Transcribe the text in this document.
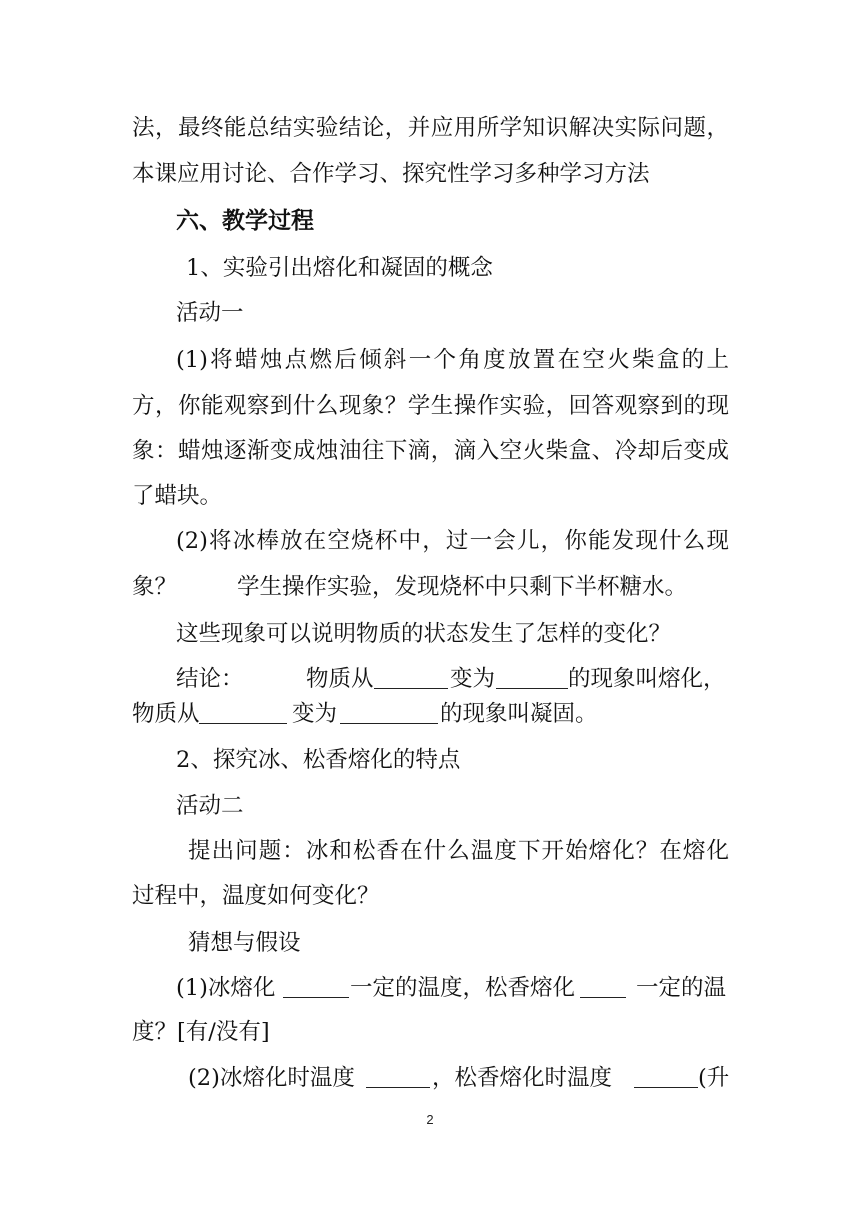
法，最终能总结实验结论，并应用所学知识解决实际问题，
本课应用讨论、合作学习、探究性学习多种学习方法
六、教学过程
1、实验引出熔化和凝固的概念
活动一
(1)将蜡烛点燃后倾斜一个角度放置在空火柴盒的上
方，你能观察到什么现象？学生操作实验，回答观察到的现
象：蜡烛逐渐变成烛油往下滴，滴入空火柴盒、冷却后变成
了蜡块。
(2)将冰棒放在空烧杯中，过一会儿，你能发现什么现
象？	学生操作实验，发现烧杯中只剩下半杯糖水。
这些现象可以说明物质的状态发生了怎样的变化？
结论：	物质从	变为	的现象叫熔化，
物质从	变为	的现象叫凝固。
2、探究冰、松香熔化的特点
活动二
提出问题：冰和松香在什么温度下开始熔化？在熔化
过程中，温度如何变化？
猜想与假设
(1)冰熔化	一定的温度，松香熔化	一定的温
度？[有/没有]
(2)冰熔化时温度	，松香熔化时温度	(升
2
